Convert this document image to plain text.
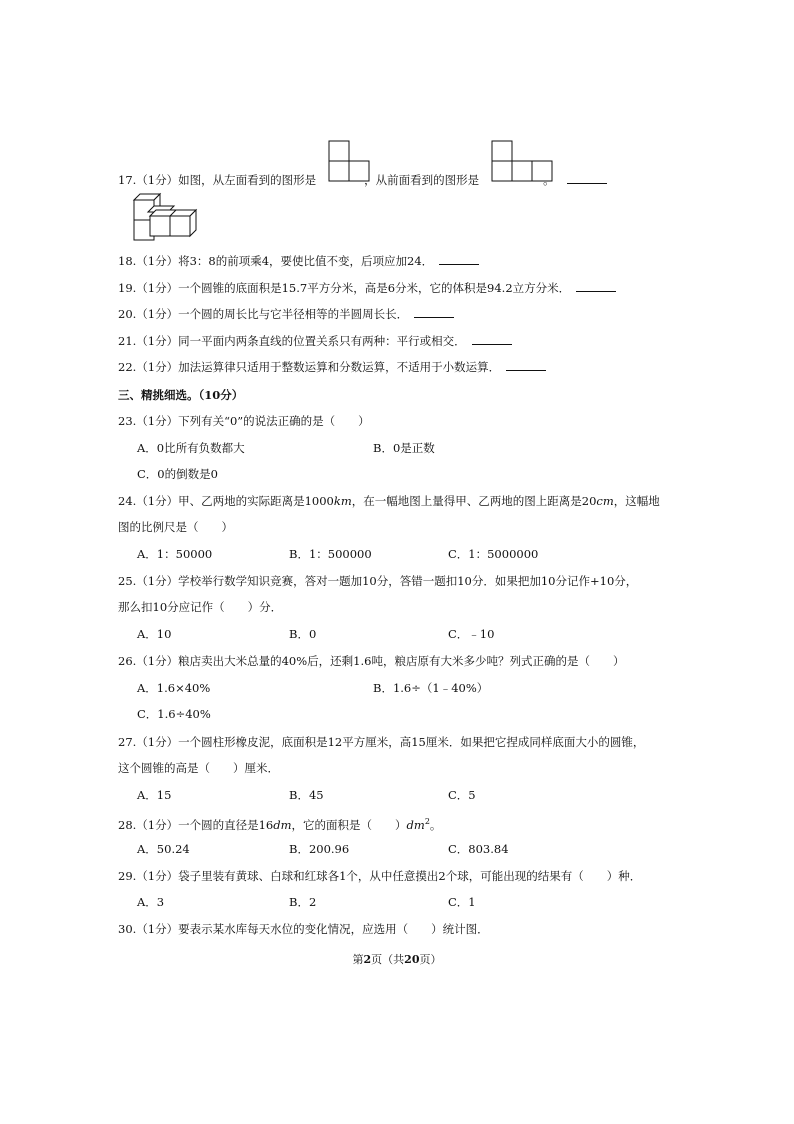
17.（1分）如图，从左面看到的图形是	，从前面看到的图形是	。
18.（1分）将3：8的前项乘4，要使比值不变，后项应加24．
19.（1分）一个圆锥的底面积是15.7平方分米，高是6分米，它的体积是94.2立方分米．
20.（1分）一个圆的周长比与它半径相等的半圆周长长．
21.（1分）同一平面内两条直线的位置关系只有两种：平行或相交．
22.（1分）加法运算律只适用于整数运算和分数运算，不适用于小数运算．
三、精挑细选。（10分）
23.（1分）下列有关“0”的说法正确的是（　　）
A．0比所有负数都大	B．0是正数
C．0的倒数是0
24.（1分）甲、乙两地的实际距离是1000km，在一幅地图上量得甲、乙两地的图上距离是20cm，这幅地
图的比例尺是（　　）
A．1：50000	B．1：500000	C．1：5000000
25.（1分）学校举行数学知识竞赛，答对一题加10分，答错一题扣10分．如果把加10分记作+10分，
那么扣10分应记作（　　）分．
A．10	B．0	C．﹣10
26.（1分）粮店卖出大米总量的40%后，还剩1.6吨，粮店原有大米多少吨？列式正确的是（　　）
A．1.6×40%	B．1.6÷（1﹣40%）
C．1.6÷40%
27.（1分）一个圆柱形橡皮泥，底面积是12平方厘米，高15厘米．如果把它捏成同样底面大小的圆锥，
这个圆锥的高是（　　）厘米．
A．15	B．45	C．5
28.（1分）一个圆的直径是16dm，它的面积是（　　）$dm^2$。
A．50.24	B．200.96	C．803.84
29.（1分）袋子里装有黄球、白球和红球各1个，从中任意摸出2个球，可能出现的结果有（　　）种．
A．3	B．2	C．1
30.（1分）要表示某水库每天水位的变化情况，应选用（　　）统计图．
第2页（共20页）
